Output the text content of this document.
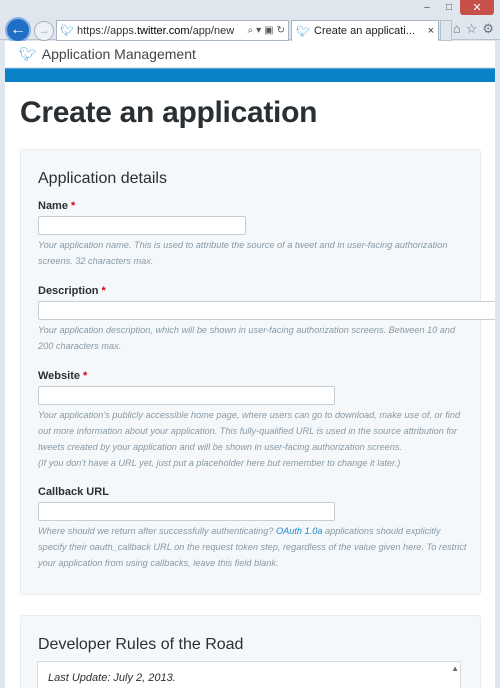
–	□	✕
← → 🐦︎ https://apps.twitter.com/app/new ⌕ ▾ ▣ ↻ 🐦︎ Create an applicati... × ⌂ ☆ ⚙
🐦︎ Application Management
Create an application
Application details
Name *
Your application name. This is used to attribute the source of a tweet and in user-facing authorization screens. 32 characters max.
Description *
Your application description, which will be shown in user-facing authorization screens. Between 10 and 200 characters max.
Website *
Your application's publicly accessible home page, where users can go to download, make use of, or find out more information about your application. This fully-qualified URL is used in the source attribution for tweets created by your application and will be shown in user-facing authorization screens.
(If you don't have a URL yet, just put a placeholder here but remember to change it later.)
Callback URL
Where should we return after successfully authenticating? OAuth 1.0a applications should explicitly specify their oauth_callback URL on the request token step, regardless of the value given here. To restrict your application from using callbacks, leave this field blank.
Developer Rules of the Road
Last Update: July 2, 2013.
▲
